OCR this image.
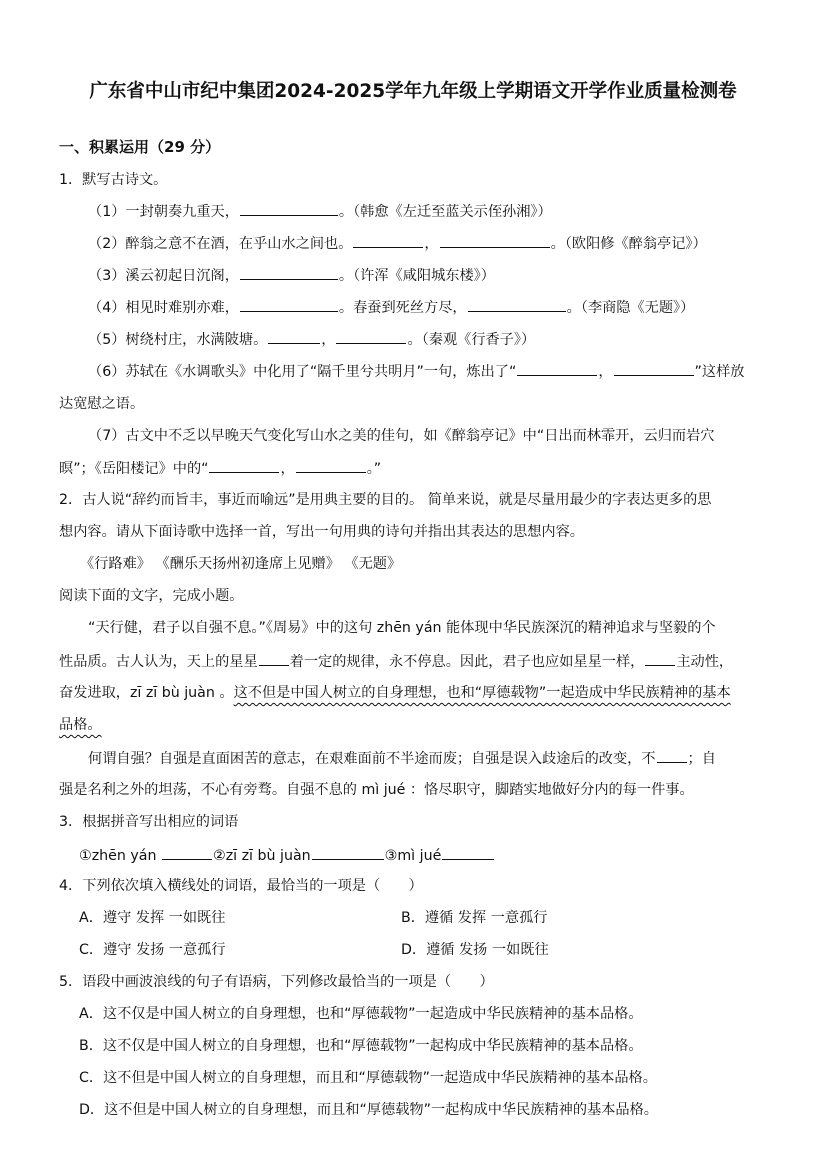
广东省中山市纪中集团2024-2025学年九年级上学期语文开学作业质量检测卷
一、积累运用（29 分）
1．默写古诗文。
（1）一封朝奏九重天，	。（韩愈《左迁至蓝关示侄孙湘》）
（2）醉翁之意不在酒，在乎山水之间也。	，	。（欧阳修《醉翁亭记》）
（3）溪云初起日沉阁，	。（许浑《咸阳城东楼》）
（4）相见时难别亦难，	。春蚕到死丝方尽，	。（李商隐《无题》）
（5）树绕村庄，水满陂塘。	，	。（秦观《行香子》）
（6）苏轼在《水调歌头》中化用了“隔千里兮共明月”一句，炼出了“	，	”这样放
达宽慰之语。
（7）古文中不乏以早晚天气变化写山水之美的佳句，如《醉翁亭记》中“日出而林霏开，云归而岩穴
暝”；《岳阳楼记》中的“	，	。”
2．古人说“辞约而旨丰，事近而喻远”是用典主要的目的。 简单来说，就是尽量用最少的字表达更多的思
想内容。请从下面诗歌中选择一首，写出一句用典的诗句并指出其表达的思想内容。
《行路难》 《酬乐天扬州初逢席上见赠》 《无题》
阅读下面的文字，完成小题。
“天行健，君子以自强不息。”《周易》中的这句 zhēn yán 能体现中华民族深沉的精神追求与坚毅的个
性品质。古人认为，天上的星星 着一定的规律，永不停息。因此，君子也应如星星一样， 主动性，
奋发进取，zī zī bù juàn 。这不但是中国人树立的自身理想，也和“厚德载物”一起造成中华民族精神的基本
品格。
何谓自强？自强是直面困苦的意志，在艰难面前不半途而废；自强是误入歧途后的改变，不 ；自
强是名利之外的坦荡，不心有旁骛。自强不息的 mì jué ：恪尽职守，脚踏实地做好分内的每一件事。
3．根据拼音写出相应的词语
①zhēn yán	②zī zī bù juàn	③mì jué
4．下列依次填入横线处的词语，最恰当的一项是（　　）
A．遵守 发挥 一如既往	B．遵循 发挥 一意孤行
C．遵守 发扬 一意孤行	D．遵循 发扬 一如既往
5．语段中画波浪线的句子有语病，下列修改最恰当的一项是（　　）
A．这不仅是中国人树立的自身理想，也和“厚德载物”一起造成中华民族精神的基本品格。
B．这不仅是中国人树立的自身理想，也和“厚德载物”一起构成中华民族精神的基本品格。
C．这不但是中国人树立的自身理想，而且和“厚德载物”一起造成中华民族精神的基本品格。
D．这不但是中国人树立的自身理想，而且和“厚德载物”一起构成中华民族精神的基本品格。
